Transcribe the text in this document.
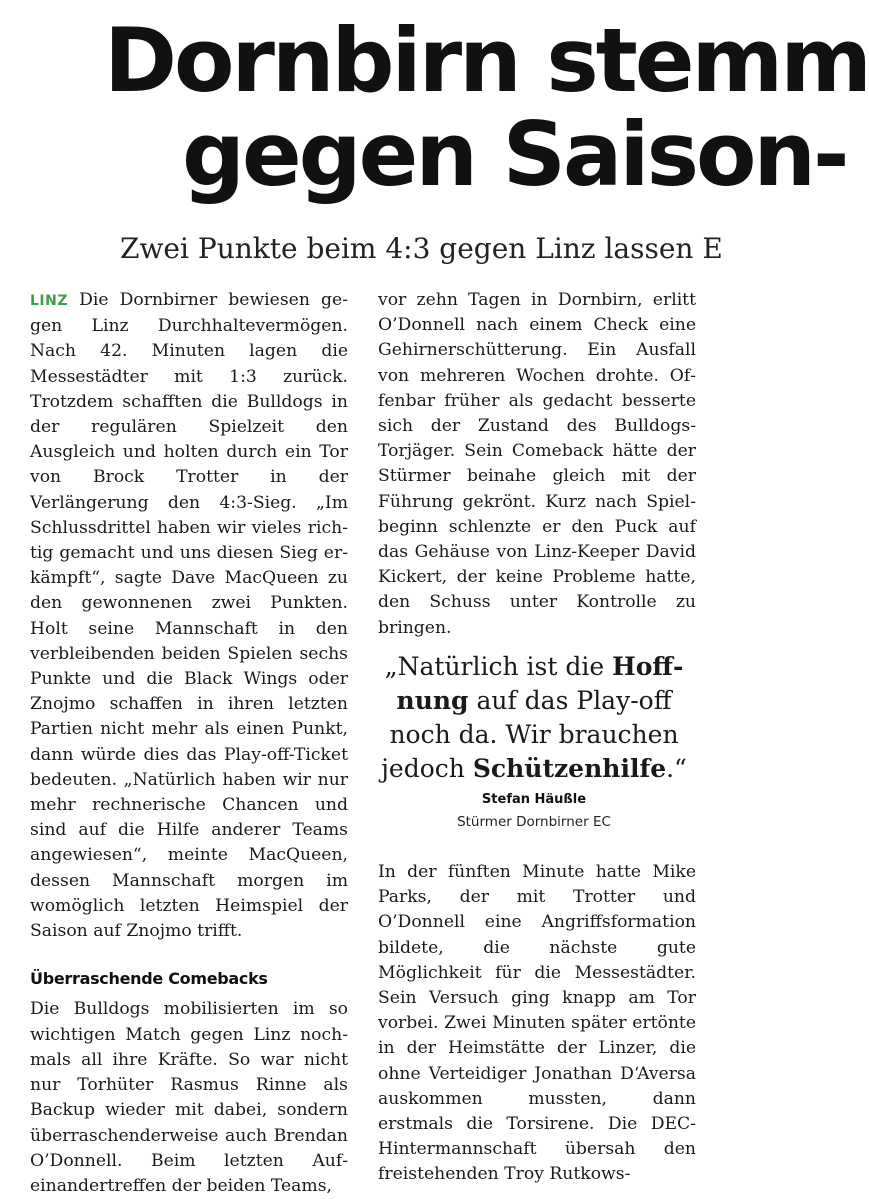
Dornbirn stemm
gegen Saison-
Zwei Punkte beim 4:3 gegen Linz lassen E

LINZ Die Dornbirner bewiesen gegen Linz Durchhaltevermögen. Nach 42. Minuten lagen die Messestädter mit 1:3 zurück. Trotzdem schafften die Bulldogs in der regulären Spielzeit den Ausgleich und holten durch ein Tor von Brock Trotter in der Verlängerung den 4:3-Sieg. „Im Schlussdrittel haben wir vieles richtig gemacht und uns diesen Sieg erkämpft“, sagte Dave MacQueen zu den gewonnenen zwei Punkten. Holt seine Mannschaft in den verbleibenden beiden Spielen sechs Punkte und die Black Wings oder Znojmo schaffen in ihren letzten Partien nicht mehr als einen Punkt, dann würde dies das Play-off-Ticket bedeuten. „Natürlich haben wir nur mehr rechnerische Chancen und sind auf die Hilfe anderer Teams angewiesen“, meinte MacQueen, dessen Mannschaft morgen im womöglich letzten Heimspiel der Saison auf Znojmo trifft.

Überraschende Comebacks

Die Bulldogs mobilisierten im so wichtigen Match gegen Linz nochmals all ihre Kräfte. So war nicht nur Torhüter Rasmus Rinne als Backup wieder mit dabei, sondern überraschenderweise auch Brendan O’Donnell. Beim letzten Aufeinandertreffen der beiden Teams,

vor zehn Tagen in Dornbirn, erlitt O’Donnell nach einem Check eine Gehirnerschütterung. Ein Ausfall von mehreren Wochen drohte. Offenbar früher als gedacht besserte sich der Zustand des Bulldogs-Torjäger. Sein Comeback hätte der Stürmer beinahe gleich mit der Führung gekrönt. Kurz nach Spielbeginn schlenzte er den Puck auf das Gehäuse von Linz-Keeper David Kickert, der keine Probleme hatte, den Schuss unter Kontrolle zu bringen.

„Natürlich ist die Hoffnung auf das Play-off noch da. Wir brauchen jedoch Schützenhilfe.“
Stefan Häußle
Stürmer Dornbirner EC

In der fünften Minute hatte Mike Parks, der mit Trotter und O’Donnell eine Angriffsformation bildete, die nächste gute Möglichkeit für die Messestädter. Sein Versuch ging knapp am Tor vorbei. Zwei Minuten später ertönte in der Heimstätte der Linzer, die ohne Verteidiger Jonathan D‘Aversa auskommen mussten, dann erstmals die Torsirene. Die DEC-Hintermannschaft übersah den freistehenden Troy Rutkows-
